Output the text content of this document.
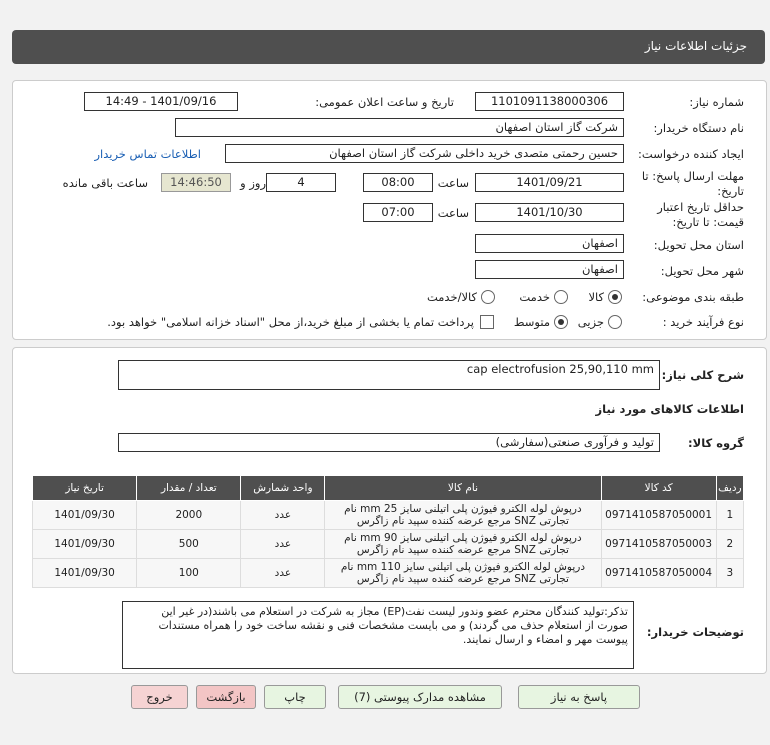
جزئیات اطلاعات نیاز
شماره نیاز:
1101091138000306
تاریخ و ساعت اعلان عمومی:
1401/09/16 - 14:49
نام دستگاه خریدار:
شرکت گاز استان اصفهان
ایجاد کننده درخواست:
حسین رحمتی متصدی خرید داخلی شرکت گاز استان اصفهان
اطلاعات تماس خریدار
مهلت ارسال پاسخ: تا
تاریخ:
1401/09/21
ساعت
08:00
4
روز و
14:46:50
ساعت باقی مانده
حداقل تاریخ اعتبار
قیمت: تا تاریخ:
1401/10/30
ساعت
07:00
استان محل تحویل:
اصفهان
شهر محل تحویل:
اصفهان
طبقه بندی موضوعی:
کالا
خدمت
کالا/خدمت
نوع فرآیند خرید :
جزیی
متوسط
پرداخت تمام یا بخشی از مبلغ خرید،از محل "اسناد خزانه اسلامی" خواهد بود.
شرح کلی نیاز:
cap electrofusion 25,90,110 mm
اطلاعات کالاهای مورد نیاز
گروه کالا:
تولید و فرآوری صنعتی(سفارشی)
ردیف	کد کالا	نام کالا	واحد شمارش	تعداد / مقدار	تاریخ نیاز
1	0971410587050001	درپوش لوله الکترو فیوژن پلی اتیلنی سایز 25 mm نام تجارتی SNZ مرجع عرضه کننده سپید نام زاگرس	عدد	2000	1401/09/30
2	0971410587050003	درپوش لوله الکترو فیوژن پلی اتیلنی سایز 90 mm نام تجارتی SNZ مرجع عرضه کننده سپید نام زاگرس	عدد	500	1401/09/30
3	0971410587050004	درپوش لوله الکترو فیوژن پلی اتیلنی سایز 110 mm نام تجارتی SNZ مرجع عرضه کننده سپید نام زاگرس	عدد	100	1401/09/30
توضیحات خریدار:
تذکر:تولید کنندگان محترم عضو وندور لیست نفت(EP) مجاز به شرکت در استعلام می باشند(در غیر این صورت از استعلام حذف می گردند) و می بایست مشخصات فنی و نقشه ساخت خود را همراه مستندات پیوست مهر و امضاء و ارسال نمایند.
پاسخ به نیاز
مشاهده مدارک پیوستی (7)
چاپ
بازگشت
خروج
